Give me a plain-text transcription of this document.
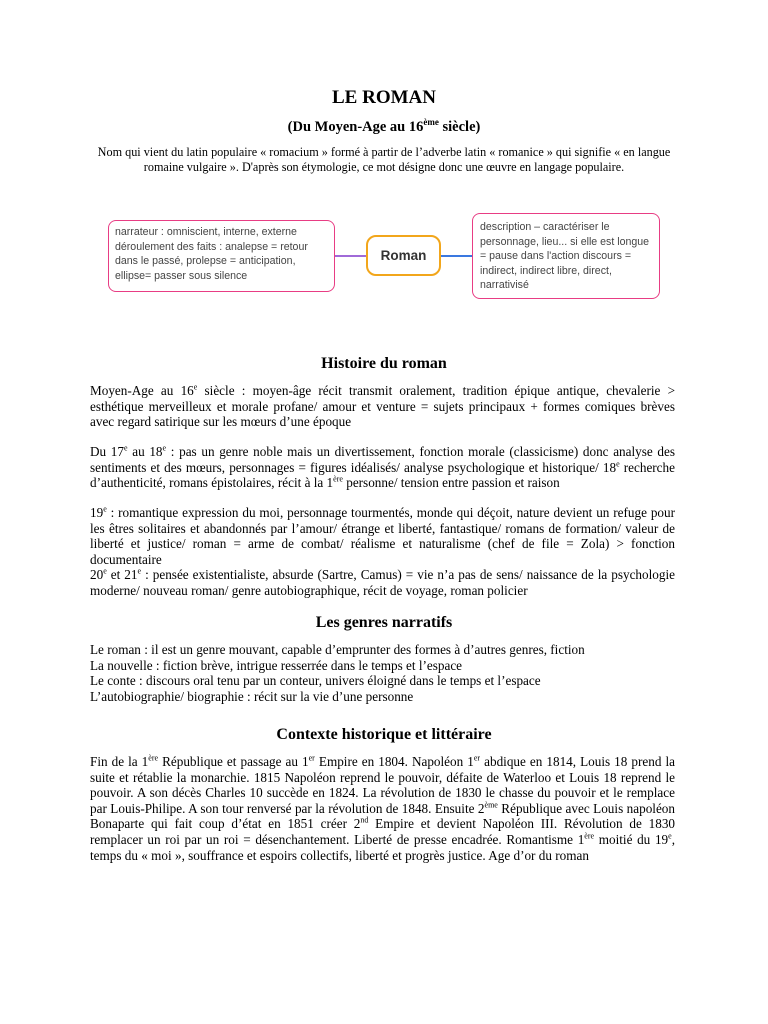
LE ROMAN
(Du Moyen-Age au 16ème siècle)
Nom qui vient du latin populaire « romacium » formé à partir de l’adverbe latin « romanice » qui signifie « en langue romaine vulgaire ». D'après son étymologie, ce mot désigne donc une œuvre en langage populaire.
narrateur : omniscient, interne, externe déroulement des faits : analepse = retour dans le passé, prolepse = anticipation, ellipse= passer sous silence
Roman
description – caractériser le personnage, lieu... si elle est longue = pause dans l'action discours = indirect, indirect libre, direct, narrativisé
Histoire du roman

Moyen-Age au 16e siècle : moyen-âge récit transmit oralement, tradition épique antique, chevalerie > esthétique merveilleux et morale profane/ amour et venture = sujets principaux + formes comiques brèves avec regard satirique sur les mœurs d’une époque

Du 17e au 18e : pas un genre noble mais un divertissement, fonction morale (classicisme) donc analyse des sentiments et des mœurs, personnages = figures idéalisés/ analyse psychologique et historique/ 18e recherche d’authenticité, romans épistolaires, récit à la 1ère personne/ tension entre passion et raison

19e : romantique expression du moi, personnage tourmentés, monde qui déçoit, nature devient un refuge pour les êtres solitaires et abandonnés par l’amour/ étrange et liberté, fantastique/ romans de formation/ valeur de liberté et justice/ roman = arme de combat/ réalisme et naturalisme (chef de file = Zola) > fonction documentaire

20e et 21e : pensée existentialiste, absurde (Sartre, Camus) = vie n’a pas de sens/ naissance de la psychologie moderne/ nouveau roman/ genre autobiographique, récit de voyage, roman policier

Les genres narratifs
Le roman : il est un genre mouvant, capable d’emprunter des formes à d’autres genres, fiction
La nouvelle : fiction brève, intrigue resserrée dans le temps et l’espace
Le conte : discours oral tenu par un conteur, univers éloigné dans le temps et l’espace
L’autobiographie/ biographie : récit sur la vie d’une personne
Contexte historique et littéraire

Fin de la 1ère République et passage au 1er Empire en 1804. Napoléon 1er abdique en 1814, Louis 18 prend la suite et rétablie la monarchie. 1815 Napoléon reprend le pouvoir, défaite de Waterloo et Louis 18 reprend le pouvoir. A son décès Charles 10 succède en 1824. La révolution de 1830 le chasse du pouvoir et le remplace par Louis-Philipe. A son tour renversé par la révolution de 1848. Ensuite 2ème République avec Louis napoléon Bonaparte qui fait coup d’état en 1851 créer 2nd Empire et devient Napoléon III. Révolution de 1830 remplacer un roi par un roi = désenchantement. Liberté de presse encadrée. Romantisme 1ère moitié du 19e, temps du « moi », souffrance et espoirs collectifs, liberté et progrès justice. Age d’or du roman
